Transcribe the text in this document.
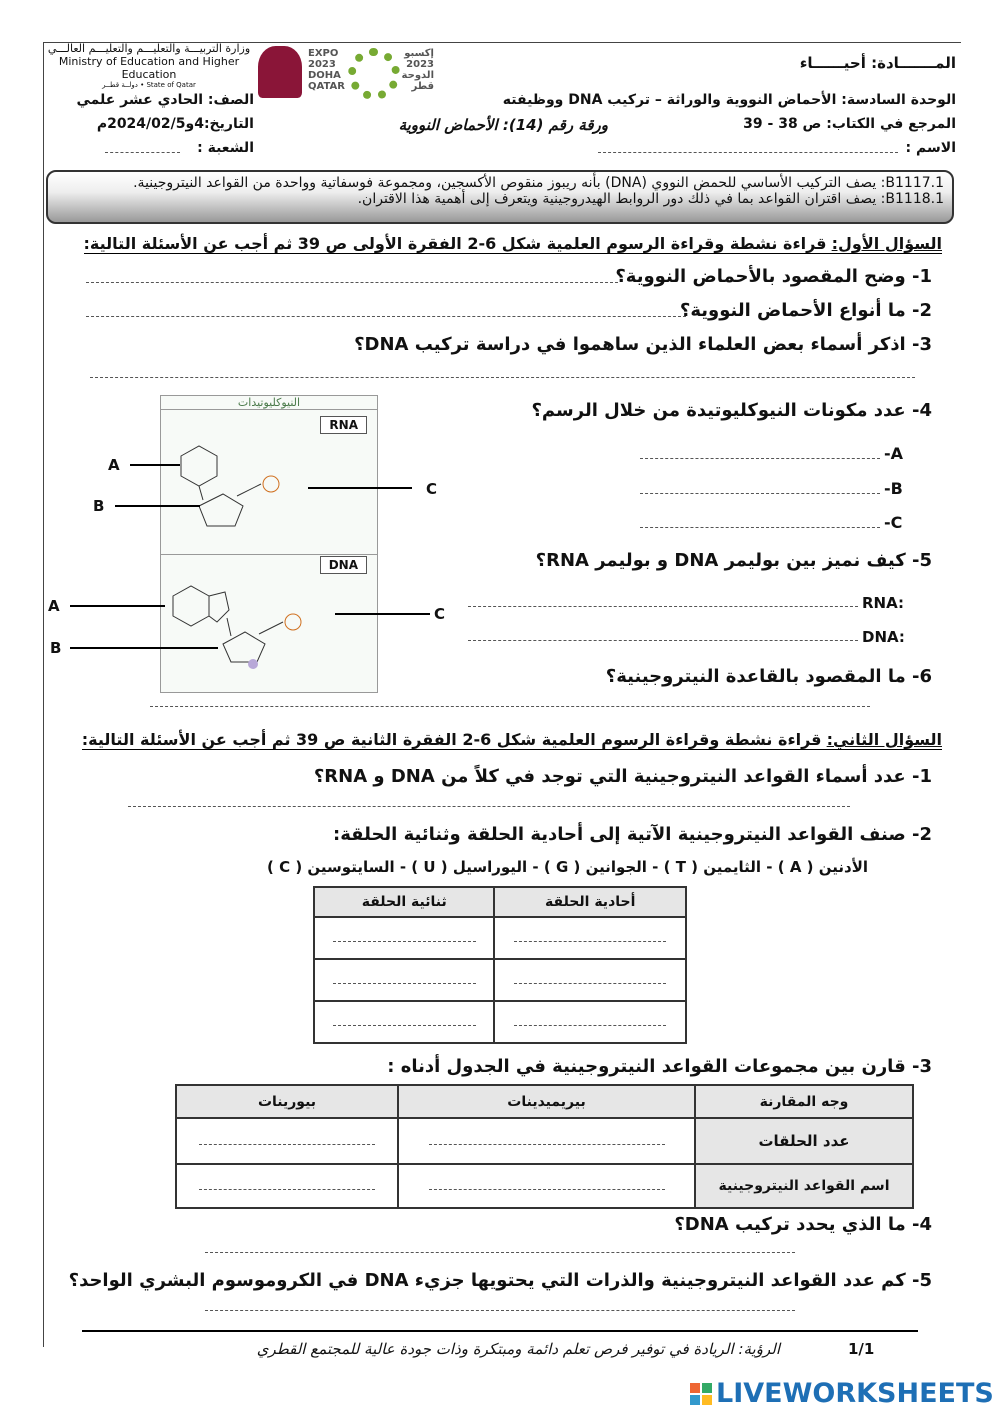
وزارة التربيـــة والتعليـــم والتعليـــم العالـــي
Ministry of Education and Higher Education
دولــة قطــر • State of Qatar
EXPO 2023 DOHA QATAR
إكسبو 2023 الدوحة قطر
المـــــــادة: أحيــــــاء
الوحدة السادسة: الأحماض النووية والوراثة – تركيب DNA ووظيفته
المرجع في الكتاب: ص 38 - 39
الاسم :
الصف: الحادي عشر علمي
التاريخ:4و2024/02/5م
الشعبة :
ورقة رقم (14): الأحماض النووية
B1117.1: يصف التركيب الأساسي للحمض النووي (DNA) بأنه ريبوز منقوص الأكسجين، ومجموعة فوسفاتية وواحدة من القواعد النيتروجينية.
B1118.1: يصف اقتران القواعد بما في ذلك دور الروابط الهيدروجينية ويتعرف إلى أهمية هذا الاقتران.
السؤال الأول: قراءة نشطة وقراءة الرسوم العلمية شكل 6-2 الفقرة الأولى ص 39 ثم أجب عن الأسئلة التالية:
1- وضح المقصود بالأحماض النووية؟
2- ما أنواع الأحماض النووية؟
3- اذكر أسماء بعض العلماء الذين ساهموا في دراسة تركيب DNA؟
4- عدد مكونات النيوكليوتيدة من خلال الرسم؟
-A
-B
-C
5- كيف نميز بين بوليمر DNA و بوليمر RNA؟
RNA:
DNA:
6- ما المقصود بالقاعدة النيتروجينية؟
النيوكليوتيدات
RNA
DNA
A
B
C
A
B
C
السؤال الثاني: قراءة نشطة وقراءة الرسوم العلمية شكل 6-2 الفقرة الثانية ص 39 ثم أجب عن الأسئلة التالية:
1- عدد أسماء القواعد النيتروجينية التي توجد في كلاً من DNA و RNA؟
2- صنف القواعد النيتروجينية الآتية إلى أحادية الحلقة وثنائية الحلقة:
الأدنين ( A ) - الثايمين ( T ) - الجوانين ( G ) - اليوراسيل ( U ) - السايتوسين ( C )
أحادية الحلقة	ثنائية الحلقة

3- قارن بين مجموعات القواعد النيتروجينية في الجدول أدناه :
وجه المقارنة	بيريميدينات	بيورينات
عدد الحلقات		
اسم القواعد النيتروجينية		
4- ما الذي يحدد تركيب DNA؟
5- كم عدد القواعد النيتروجينية والذرات التي يحتويها جزيء DNA في الكروموسوم البشري الواحد؟
الرؤية: الريادة في توفير فرص تعلم دائمة ومبتكرة وذات جودة عالية للمجتمع القطري	1/1
LIVEWORKSHEETS
